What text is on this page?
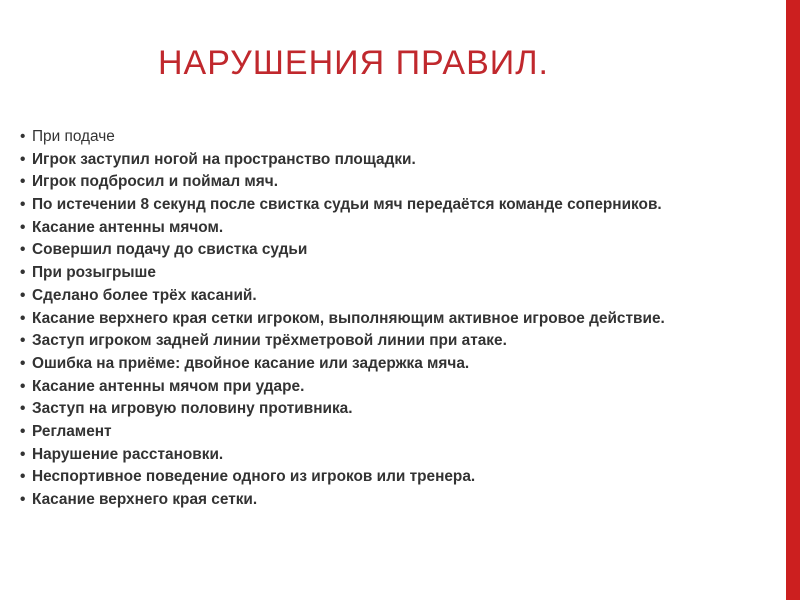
НАРУШЕНИЯ ПРАВИЛ.
• При подаче
• Игрок заступил ногой на пространство площадки.
• Игрок подбросил и поймал мяч.
• По истечении 8 секунд после свистка судьи мяч передаётся команде соперников.
• Касание антенны мячом.
• Совершил подачу до свистка судьи
• При розыгрыше
• Сделано более трёх касаний.
• Касание верхнего края сетки игроком, выполняющим активное игровое действие.
• Заступ игроком задней линии трёхметровой линии при атаке.
• Ошибка на приёме: двойное касание или задержка мяча.
• Касание антенны мячом при ударе.
• Заступ на игровую половину противника.
• Регламент
• Нарушение расстановки.
• Неспортивное поведение одного из игроков или тренера.
• Касание верхнего края сетки.
